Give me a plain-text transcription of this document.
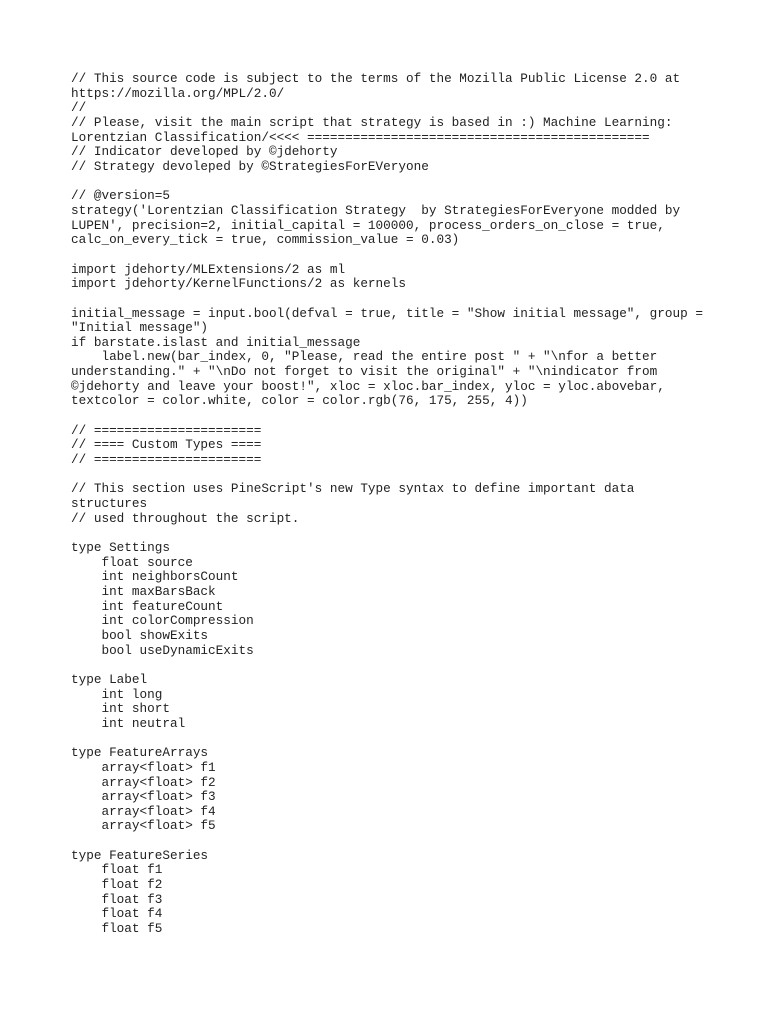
// This source code is subject to the terms of the Mozilla Public License 2.0 at
https://mozilla.org/MPL/2.0/
//
// Please, visit the main script that strategy is based in :) Machine Learning:
Lorentzian Classification/<<<< =============================================
// Indicator developed by ©jdehorty
// Strategy devoleped by ©StrategiesForEVeryone
// @version=5
strategy('Lorentzian Classification Strategy  by StrategiesForEveryone modded by
LUPEN', precision=2, initial_capital = 100000, process_orders_on_close = true,
calc_on_every_tick = true, commission_value = 0.03)
import jdehorty/MLExtensions/2 as ml
import jdehorty/KernelFunctions/2 as kernels
initial_message = input.bool(defval = true, title = "Show initial message", group =
"Initial message")
if barstate.islast and initial_message
label.new(bar_index, 0, "Please, read the entire post " + "\nfor a better
understanding." + "\nDo not forget to visit the original" + "\nindicator from
©jdehorty and leave your boost!", xloc = xloc.bar_index, yloc = yloc.abovebar,
textcolor = color.white, color = color.rgb(76, 175, 255, 4))
// ======================
// ==== Custom Types ====
// ======================
// This section uses PineScript's new Type syntax to define important data
structures
// used throughout the script.
type Settings
float source
int neighborsCount
int maxBarsBack
int featureCount
int colorCompression
bool showExits
bool useDynamicExits
type Label
int long
int short
int neutral
type FeatureArrays
array<float> f1
array<float> f2
array<float> f3
array<float> f4
array<float> f5
type FeatureSeries
float f1
float f2
float f3
float f4
float f5
